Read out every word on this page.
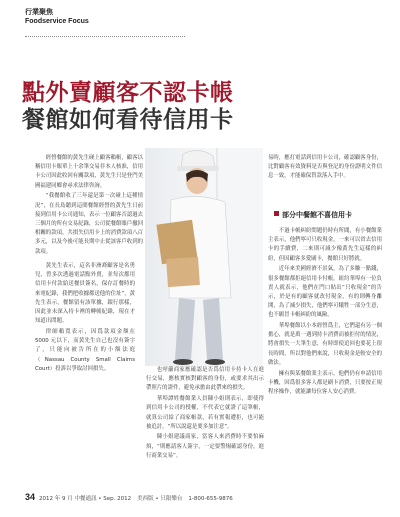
行業聚焦
Foodservice Focus
點外賣顧客不認卡帳
餐館如何看待信用卡

經營餐館的黃先生碰上顧客賴帳，顧客以稱信用卡賬單上十余筆交易非本人核准，信用卡公司因此收回有關款項，黃先生只是登門美國福建同鄉會尋求法律咨詢。

“我餐館收了三年還是第一次碰上這種情況”，在長島聽到這間餐館經營的黃先生日前接到信用卡公司通知，表示一位顧客否認過去三個月的所有交易紀錄，公司從餐館賬戶撤回相關的款項，共損失信用卡上的消費款項八百多元，以及今後可能長期中止從該客戶收到的款項。

黃先生表示，這名非洲裔顧客是名勇兒，曾多次透過電話點外賣，並每次都用信用卡付款給送餐員簽名，保存訂餐時的來電紀錄，我們把收據都送他的住址”，黃先生表示，餐館留有該單據，銀行那樣，因此並未深入持卡裡的轉帳紀錄，現在才知道出問題。

律師賴寬表示，因爲款項金額在 5000 元以下，而黃先生自己也沒有簽字了，只能向被告所在的小額法庭（Nassau County Small Claims Court）投訴以爭取討回損失。	也呼籲商家應確認是否爲信用卡持卡人在進行交易，應核實核對顧客的身份，或要求其出示帶照片的證件，避免承擔由此帶來的損失。

華埠譚姓餐館業人員陳小姐則表示，即使得到信用卡公司的授權，不代表它就證了這筆帳，就算公司給了商家帳款，若有實報遭拒，也可能被追討，“所以說還是要多加注意”。

陳小姐建議商家，當客人來消費時不要怕麻煩，“則應請客人簽字，一定要警惕確認身份，進行商業交易”。

易時，應打電話到信用卡公司，確認顧客身份，比對顧客有效資料是否與登記的身份證明文件信息一致，才能確保貨款落入手中。

部分中餐館不喜信用卡

不過卡帳糾紛問題仍時有所聞，有小餐館業主表示，他們寧可只收現金，一來可以省去信用卡的手續費，二來則可減少像黃先生這樣的糾紛，但因顧客多愛刷卡，餐館只好將就。

近年來美國經濟不景氣，為了多賺一點錢，很多餐館都拒絕信用卡付帳，紐約華埠有一位負責人就表示，他們在門口貼出“只收現金”的告示，於是有的顧客就改付現金，有的則轉身離開，為了減少損失，他們寧可犧牲一部分生意，也不願冒卡帳糾紛的風險。

華埠餐館以小本經營爲主，它們還有另一個擔心，就是萬一遇到持卡消費而被拒付的情況，將會損失一大筆生意，有時即使追回也要花上很長時間，所以對他們來說，只收現金是較安全的做法。

擁有與某餐館業主表示，他們仍有申請信用卡機，因爲很多客人都是刷卡消費，只要按正規程序操作，就能讓每位客人安心消費。

34 2012 年 9 月 中餐通訊 • Sep. 2012 美西版 • 只限樂台 1-800-655-9876
